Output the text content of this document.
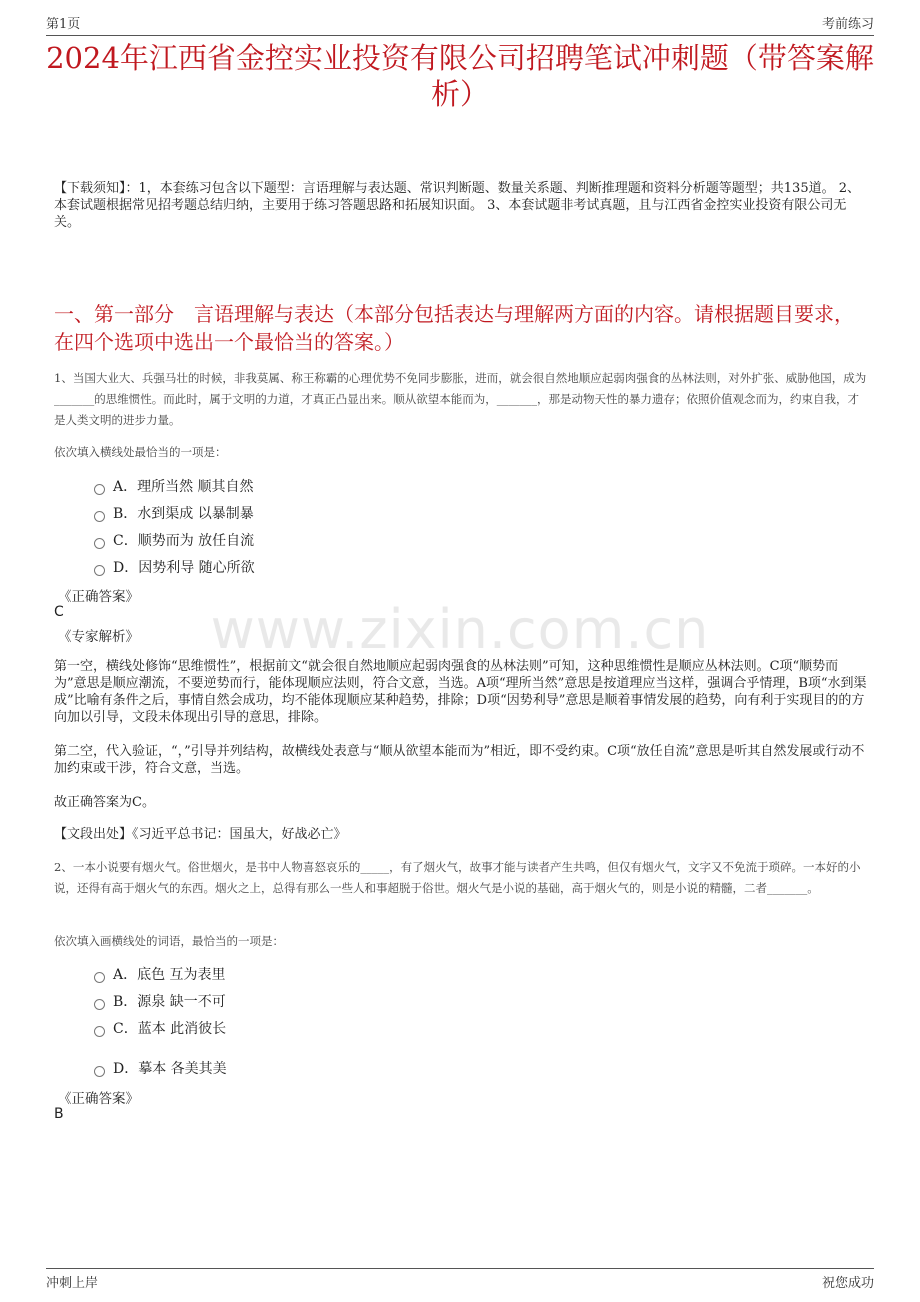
第1页	考前练习
2024年江西省金控实业投资有限公司招聘笔试冲刺题（带答案解析）
【下载须知】：1，本套练习包含以下题型：言语理解与表达题、常识判断题、数量关系题、判断推理题和资料分析题等题型；共135道。 2、本套试题根据常见招考题总结归纳，主要用于练习答题思路和拓展知识面。 3、本套试题非考试真题，且与江西省金控实业投资有限公司无关。
一、第一部分　言语理解与表达（本部分包括表达与理解两方面的内容。请根据题目要求，在四个选项中选出一个最恰当的答案。）
www.zixin.com.cn
1、当国大业大、兵强马壮的时候，非我莫属、称王称霸的心理优势不免同步膨胀，进而，就会很自然地顺应起弱肉强食的丛林法则，对外扩张、威胁他国，成为_______的思维惯性。而此时，属于文明的力道，才真正凸显出来。顺从欲望本能而为，_______，那是动物天性的暴力遗存；依照价值观念而为，约束自我，才是人类文明的进步力量。
依次填入横线处最恰当的一项是：
A．理所当然 顺其自然
B．水到渠成 以暴制暴
C．顺势而为 放任自流
D．因势利导 随心所欲
《正确答案》
C
《专家解析》
第一空，横线处修饰“思维惯性”，根据前文“就会很自然地顺应起弱肉强食的丛林法则”可知，这种思维惯性是顺应丛林法则。C项“顺势而为”意思是顺应潮流，不要逆势而行，能体现顺应法则，符合文意，当选。A项“理所当然”意思是按道理应当这样，强调合乎情理，B项“水到渠成”比喻有条件之后，事情自然会成功，均不能体现顺应某种趋势，排除；D项“因势利导”意思是顺着事情发展的趋势，向有利于实现目的的方向加以引导，文段未体现出引导的意思，排除。
第二空，代入验证，“，”引导并列结构，故横线处表意与“顺从欲望本能而为”相近，即不受约束。C项“放任自流”意思是听其自然发展或行动不加约束或干涉，符合文意，当选。
故正确答案为C。
【文段出处】《习近平总书记：国虽大，好战必亡》
2、一本小说要有烟火气。俗世烟火，是书中人物喜怒哀乐的_____，有了烟火气，故事才能与读者产生共鸣，但仅有烟火气，文字又不免流于琐碎。一本好的小说，还得有高于烟火气的东西。烟火之上，总得有那么一些人和事超脱于俗世。烟火气是小说的基础，高于烟火气的，则是小说的精髓，二者_______。
依次填入画横线处的词语，最恰当的一项是：
A．底色 互为表里
B．源泉 缺一不可
C．蓝本 此消彼长
D．摹本 各美其美
《正确答案》
B
冲刺上岸	祝您成功
